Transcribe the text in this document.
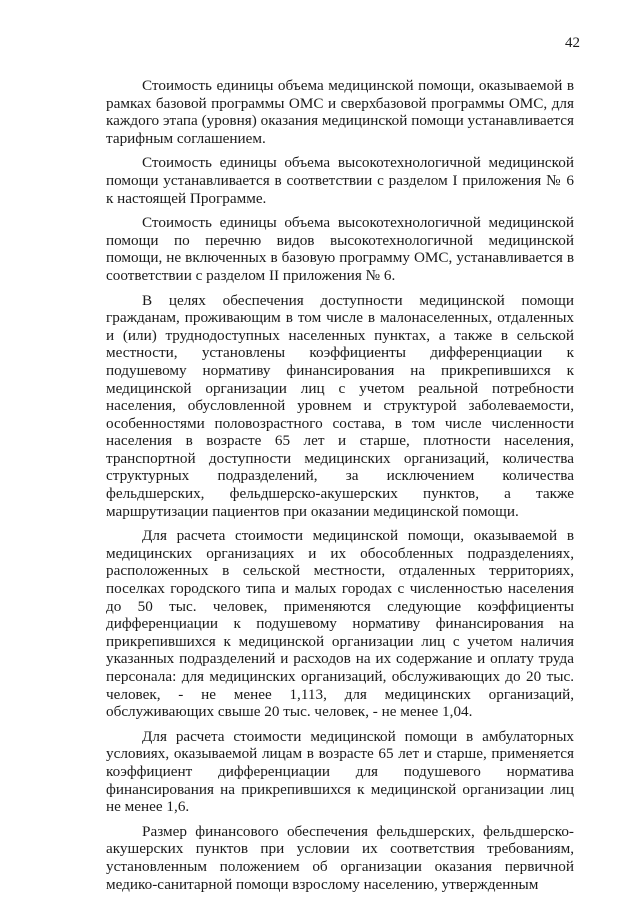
42

Стоимость единицы объема медицинской помощи, оказываемой в рамках базовой программы ОМС и сверхбазовой программы ОМС, для каждого этапа (уровня) оказания медицинской помощи устанавливается тарифным соглашением.

Стоимость единицы объема высокотехнологичной медицинской помощи устанавливается в соответствии с разделом I приложения № 6 к настоящей Программе.

Стоимость единицы объема высокотехнологичной медицинской помощи по перечню видов высокотехнологичной медицинской помощи, не включенных в базовую программу ОМС, устанавливается в соответствии с разделом II приложения № 6.

В целях обеспечения доступности медицинской помощи гражданам, проживающим в том числе в малонаселенных, отдаленных и (или) труднодоступных населенных пунктах, а также в сельской местности, установлены коэффициенты дифференциации к подушевому нормативу финансирования на прикрепившихся к медицинской организации лиц с учетом реальной потребности населения, обусловленной уровнем и структурой заболеваемости, особенностями половозрастного состава, в том числе численности населения в возрасте 65 лет и старше, плотности населения, транспортной доступности медицинских организаций, количества структурных подразделений, за исключением количества фельдшерских, фельдшерско-акушерских пунктов, а также маршрутизации пациентов при оказании медицинской помощи.

Для расчета стоимости медицинской помощи, оказываемой в медицинских организациях и их обособленных подразделениях, расположенных в сельской местности, отдаленных территориях, поселках городского типа и малых городах с численностью населения до 50 тыс. человек, применяются следующие коэффициенты дифференциации к подушевому нормативу финансирования на прикрепившихся к медицинской организации лиц с учетом наличия указанных подразделений и расходов на их содержание и оплату труда персонала: для медицинских организаций, обслуживающих до 20 тыс. человек, - не менее 1,113, для медицинских организаций, обслуживающих свыше 20 тыс. человек, - не менее 1,04.

Для расчета стоимости медицинской помощи в амбулаторных условиях, оказываемой лицам в возрасте 65 лет и старше, применяется коэффициент дифференциации для подушевого норматива финансирования на прикрепившихся к медицинской организации лиц не менее 1,6.

Размер финансового обеспечения фельдшерских, фельдшерско-акушерских пунктов при условии их соответствия требованиям, установленным положением об организации оказания первичной медико-санитарной помощи взрослому населению, утвержденным
